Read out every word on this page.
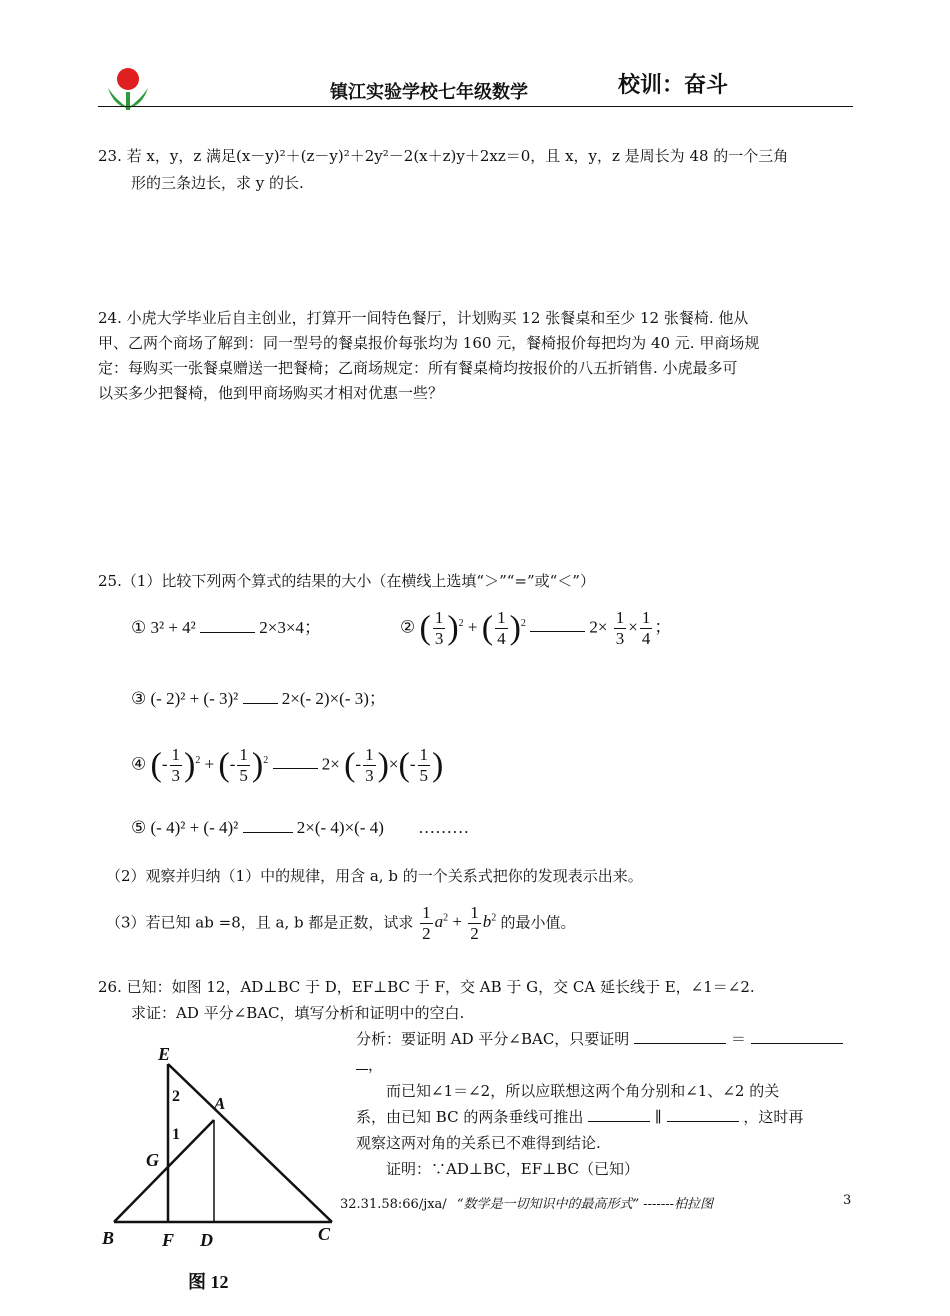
镇江实验学校七年级数学	校训：奋斗
23. 若 x，y，z 满足(x－y)²＋(z－y)²＋2y²－2(x＋z)y＋2xz＝0，且 x，y，z 是周长为 48 的一个三角
形的三条边长，求 y 的长.
24. 小虎大学毕业后自主创业，打算开一间特色餐厅，计划购买 12 张餐桌和至少 12 张餐椅. 他从
甲、乙两个商场了解到：同一型号的餐桌报价每张均为 160 元，餐椅报价每把均为 40 元. 甲商场规
定：每购买一张餐桌赠送一把餐椅；乙商场规定：所有餐桌椅均按报价的八五折销售. 小虎最多可
以买多少把餐椅，他到甲商场购买才相对优惠一些？
25.（1）比较下列两个算式的结果的大小（在横线上选填“＞”“=”或“＜”）
① 3² + 4²	2×3×4；	② ( $\frac{1}{3} )^2$ + ( $\frac{1}{4} )^2$	$2\times \frac{1}{3} \times \frac{1}{4}$ ；
③ (- 2)² + (- 3)²	2×(- 2)×(- 3)；
④ (- $\frac{1}{3} )^2$ + (- $\frac{1}{5} )^2$	2× (- $\frac{1}{3}$ )×(- $\frac{1}{5}$ )
⑤ (- 4)² + (- 4)²	2×(- 4)×(- 4) ………
（2）观察并归纳（1）中的规律，用含 a, b 的一个关系式把你的发现表示出来。
（3）若已知 ab =8，且 a, b 都是正数，试求 $\frac{1}{2} a^2 + \frac{1}{2} b^2$ 的最小值。
26. 已知：如图 12，AD⊥BC 于 D，EF⊥BC 于 F，交 AB 于 G，交 CA 延长线于 E，∠1＝∠2.
求证：AD 平分∠BAC，填写分析和证明中的空白.
分析：要证明 AD 平分∠BAC，只要证明	＝
，
而已知∠1＝∠2，所以应联想这两个角分别和∠1、∠2 的关
系，由已知 BC 的两条垂线可推出	∥	，这时再
观察这两对角的关系已不难得到结论.
证明：∵AD⊥BC，EF⊥BC（已知）
E
A
G
B	F D	C
2
1
图 12
32.31.58:66/jxa/ “数学是一切知识中的最高形式” -------柏拉图	3
